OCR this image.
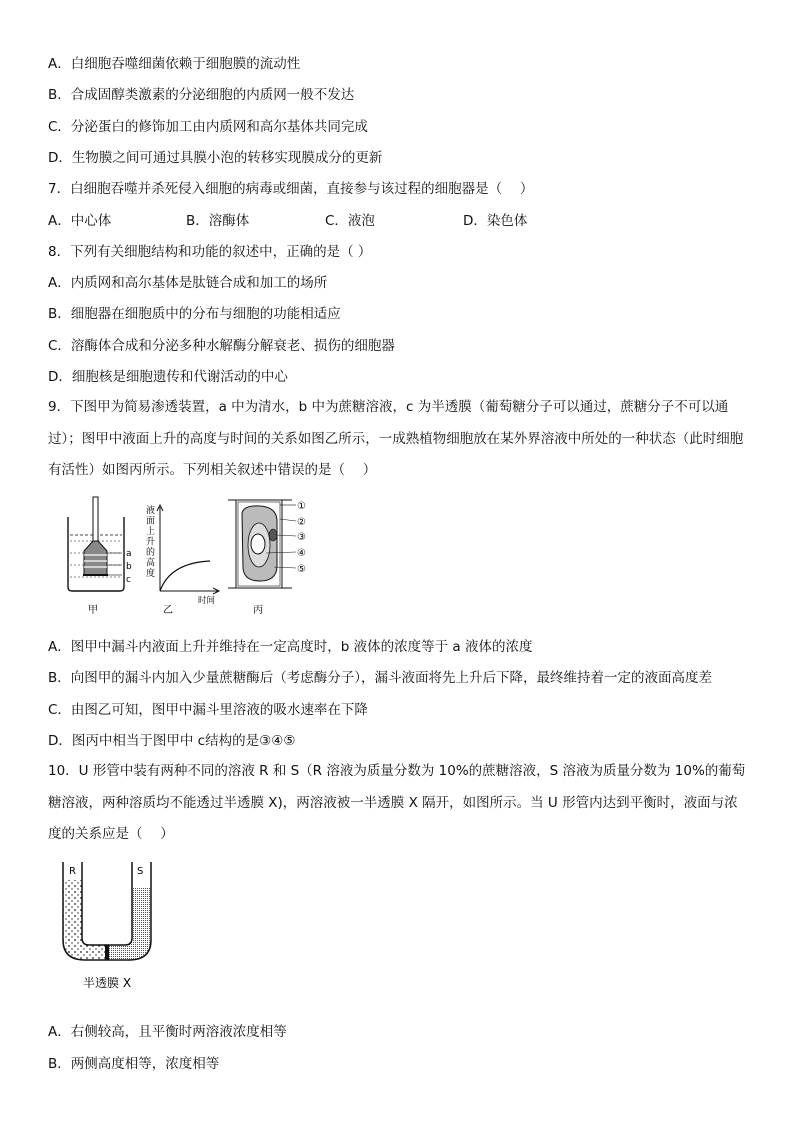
A．白细胞吞噬细菌依赖于细胞膜的流动性
B．合成固醇类激素的分泌细胞的内质网一般不发达
C．分泌蛋白的修饰加工由内质网和高尔基体共同完成
D．生物膜之间可通过具膜小泡的转移实现膜成分的更新
7．白细胞吞噬并杀死侵入细胞的病毒或细菌，直接参与该过程的细胞器是（　 ）
A．中心体	B．溶酶体	C．液泡	D．染色体
8．下列有关细胞结构和功能的叙述中，正确的是（ ）
A．内质网和高尔基体是肽链合成和加工的场所
B．细胞器在细胞质中的分布与细胞的功能相适应
C．溶酶体合成和分泌多种水解酶分解衰老、损伤的细胞器
D．细胞核是细胞遗传和代谢活动的中心
9．下图甲为简易渗透装置，a 中为清水，b 中为蔗糖溶液，c 为半透膜（葡萄糖分子可以通过，蔗糖分子不可以通过）；图甲中液面上升的高度与时间的关系如图乙所示，一成熟植物细胞放在某外界溶液中所处的一种状态（此时细胞有活性）如图丙所示。下列相关叙述中错误的是（　 ）
a
b
c
甲
液面上升的高度
时间
乙
①
②
③
④
⑤
丙
A．图甲中漏斗内液面上升并维持在一定高度时，b 液体的浓度等于 a 液体的浓度
B．向图甲的漏斗内加入少量蔗糖酶后（考虑酶分子），漏斗液面将先上升后下降，最终维持着一定的液面高度差
C．由图乙可知，图甲中漏斗里溶液的吸水速率在下降
D．图丙中相当于图甲中 c结构的是③④⑤
10．U 形管中装有两种不同的溶液 R 和 S（R 溶液为质量分数为 10%的蔗糖溶液，S 溶液为质量分数为 10%的葡萄糖溶液，两种溶质均不能透过半透膜 X)，两溶液被一半透膜 X 隔开，如图所示。当 U 形管内达到平衡时，液面与浓度的关系应是（　 ）
R	S
半透膜 X
A．右侧较高，且平衡时两溶液浓度相等
B．两侧高度相等，浓度相等
